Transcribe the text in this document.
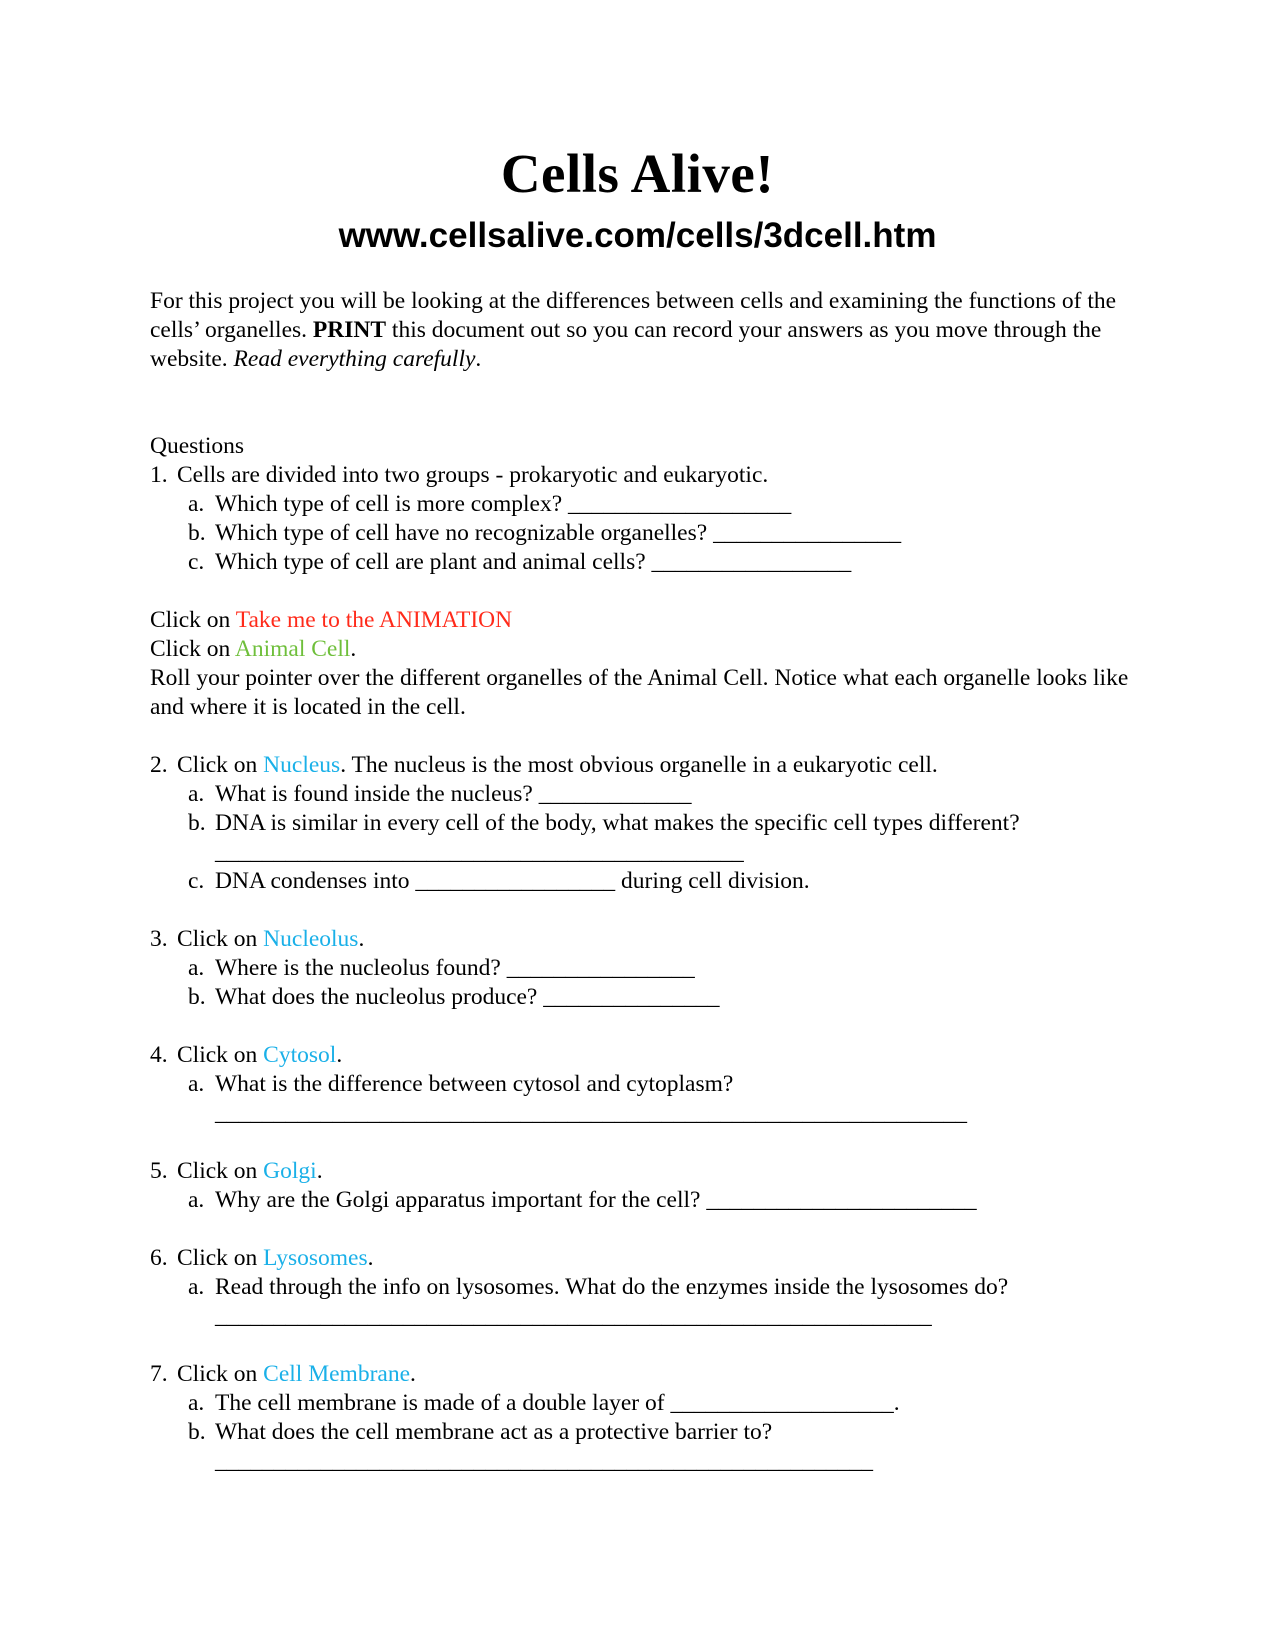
Cells Alive!
www.cellsalive.com/cells/3dcell.htm

For this project you will be looking at the differences between cells and examining the functions of the cells’ organelles. PRINT this document out so you can record your answers as you move through the website. Read everything carefully.

Questions

1. Cells are divided into two groups - prokaryotic and eukaryotic.
a. Which type of cell is more complex? ___________________
b. Which type of cell have no recognizable organelles? ________________
c. Which type of cell are plant and animal cells? _________________

Click on Take me to the ANIMATION

Click on Animal Cell.

Roll your pointer over the different organelles of the Animal Cell. Notice what each organelle looks like and where it is located in the cell.

2. Click on Nucleus. The nucleus is the most obvious organelle in a eukaryotic cell.
a. What is found inside the nucleus? _____________
b. DNA is similar in every cell of the body, what makes the specific cell types different?_____________________________________________
c. DNA condenses into _________________ during cell division.
3. Click on Nucleolus.
a. Where is the nucleolus found? ________________
b. What does the nucleolus produce? _______________
4. Click on Cytosol.
a. What is the difference between cytosol and cytoplasm?

________________________________________________________________

5. Click on Golgi.
a. Why are the Golgi apparatus important for the cell? _______________________
6. Click on Lysosomes.
a. Read through the info on lysosomes. What do the enzymes inside the lysosomes do?

_____________________________________________________________

7. Click on Cell Membrane.
a. The cell membrane is made of a double layer of ___________________.
b. What does the cell membrane act as a protective barrier to?

________________________________________________________
